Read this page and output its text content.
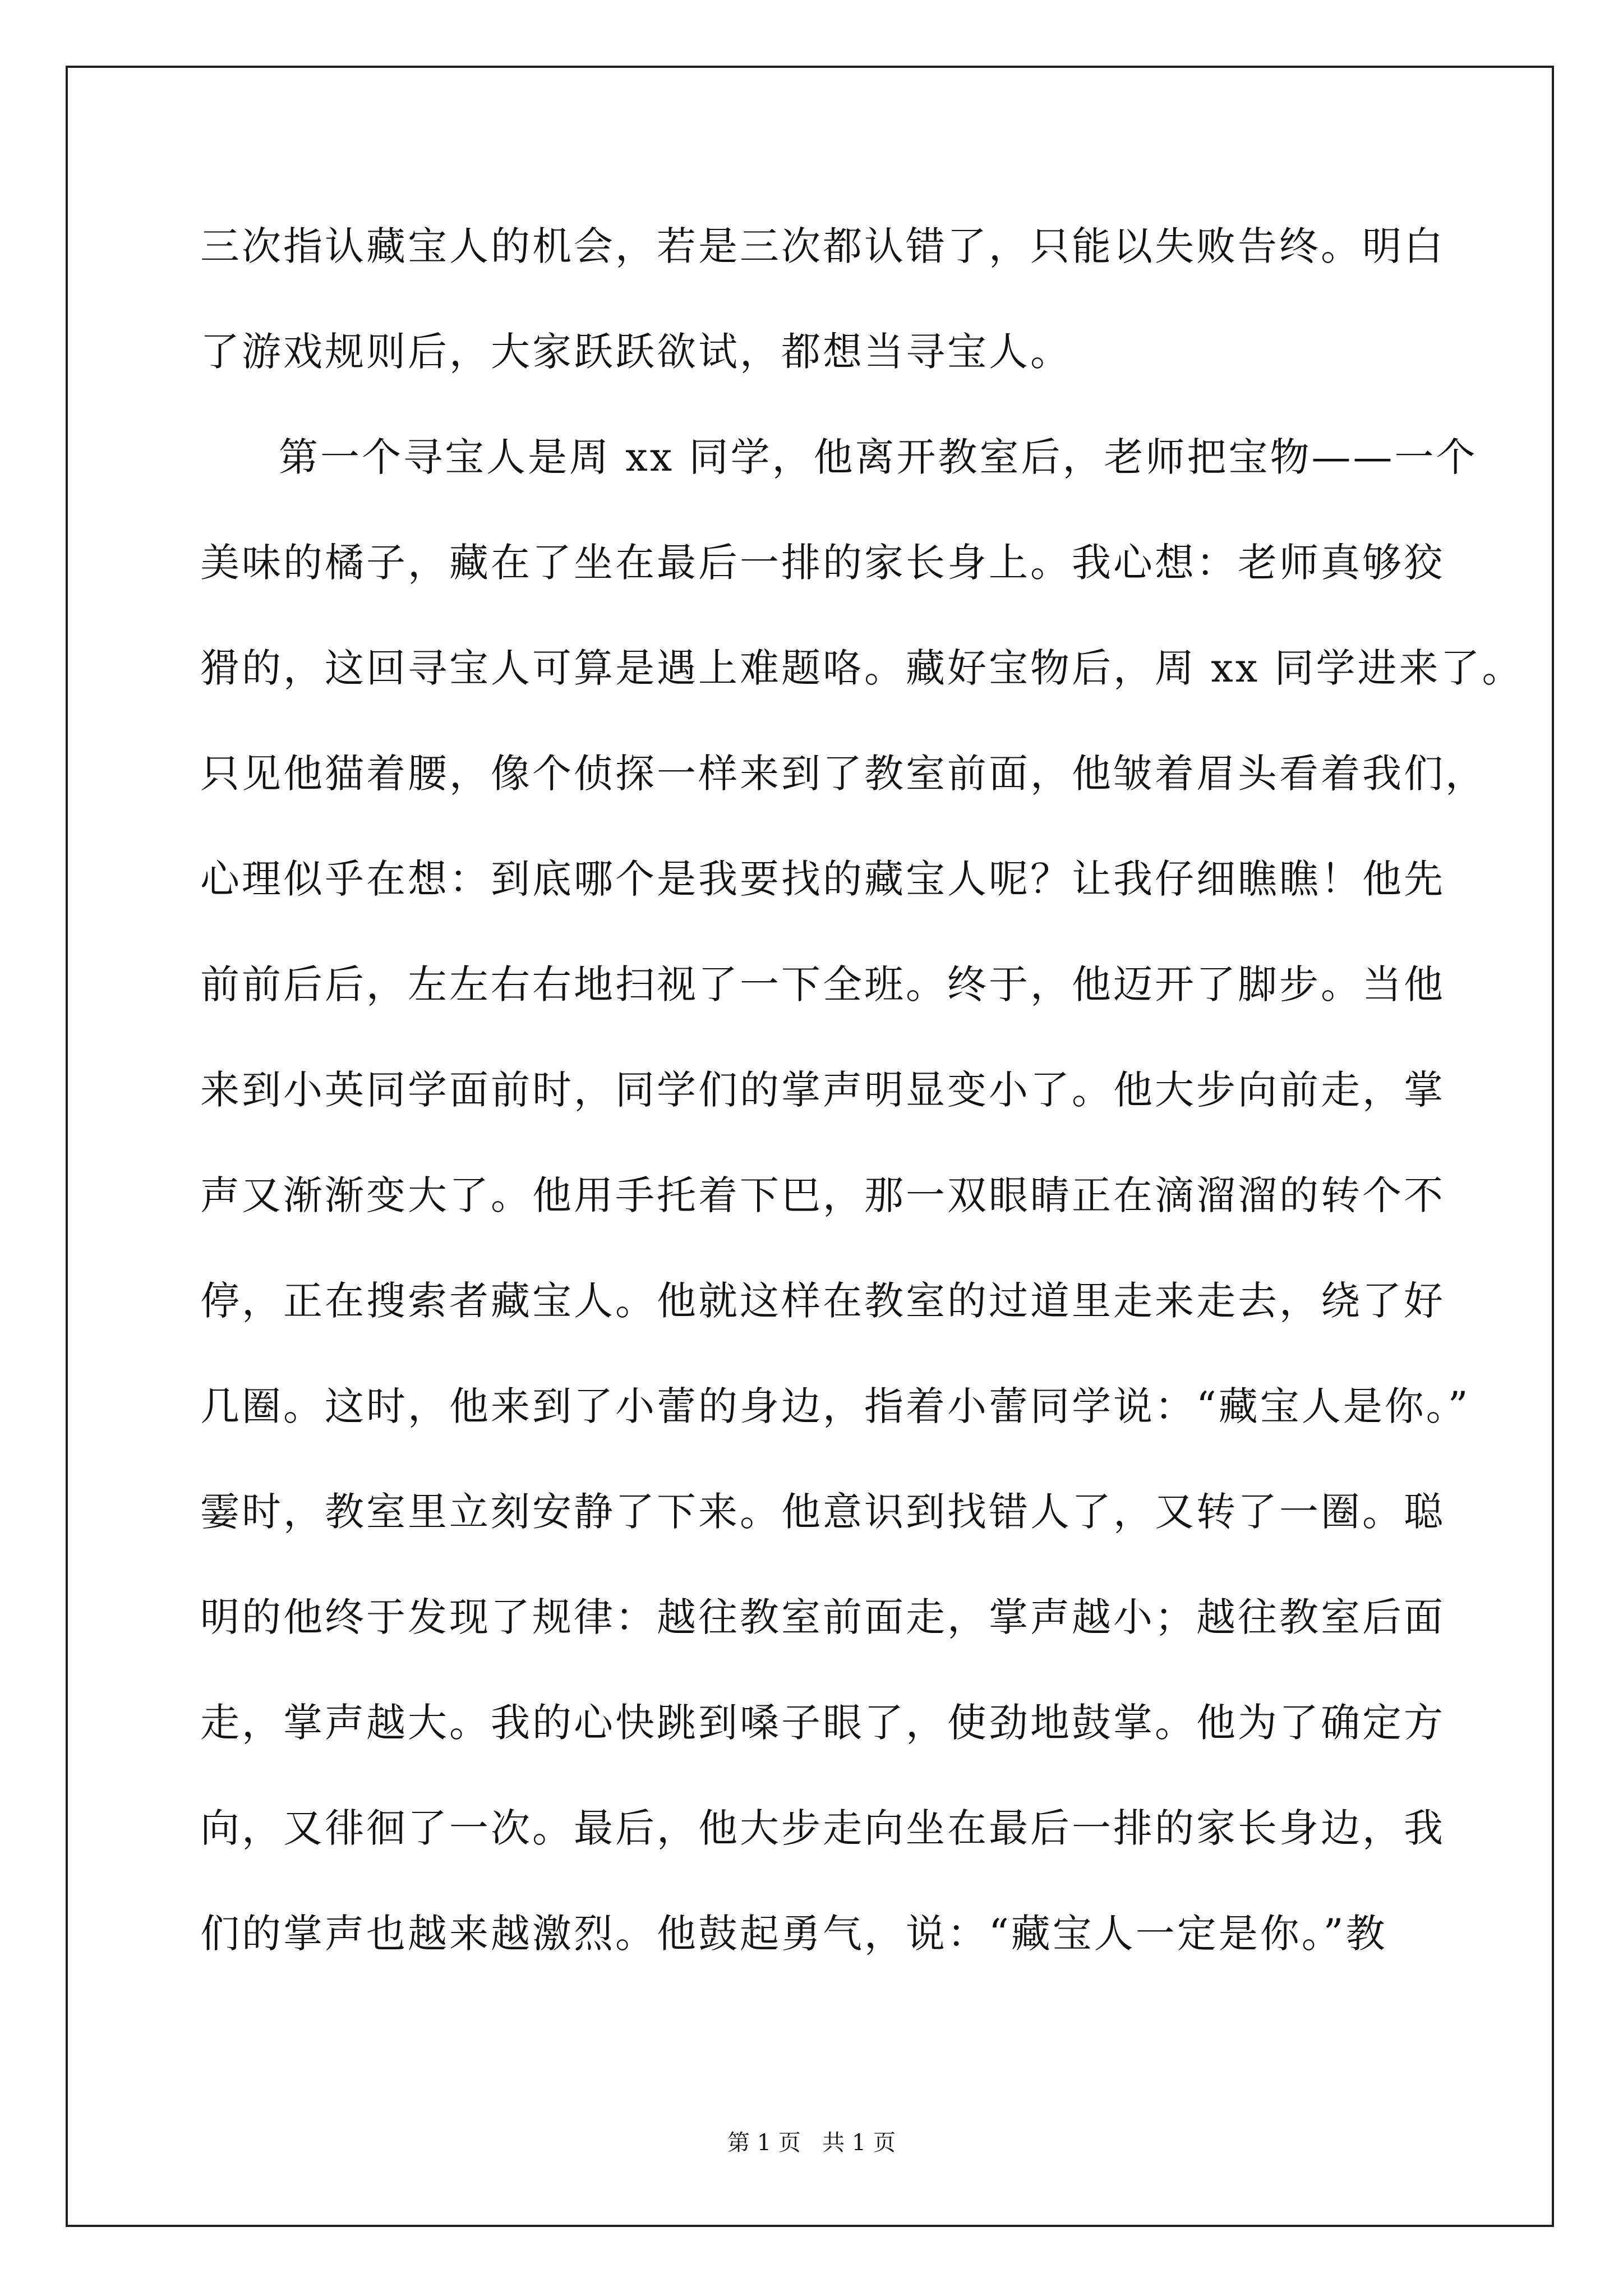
三次指认藏宝人的机会，若是三次都认错了，只能以失败告终。明白
了游戏规则后，大家跃跃欲试，都想当寻宝人。
第一个寻宝人是周 xx 同学，他离开教室后，老师把宝物——一个
美味的橘子，藏在了坐在最后一排的家长身上。我心想：老师真够狡
猾的，这回寻宝人可算是遇上难题咯。藏好宝物后，周 xx 同学进来了。
只见他猫着腰，像个侦探一样来到了教室前面，他皱着眉头看着我们，
心理似乎在想：到底哪个是我要找的藏宝人呢？让我仔细瞧瞧！他先
前前后后，左左右右地扫视了一下全班。终于，他迈开了脚步。当他
来到小英同学面前时，同学们的掌声明显变小了。他大步向前走，掌
声又渐渐变大了。他用手托着下巴，那一双眼睛正在滴溜溜的转个不
停，正在搜索者藏宝人。他就这样在教室的过道里走来走去，绕了好
几圈。这时，他来到了小蕾的身边，指着小蕾同学说：“藏宝人是你。”
霎时，教室里立刻安静了下来。他意识到找错人了，又转了一圈。聪
明的他终于发现了规律：越往教室前面走，掌声越小；越往教室后面
走，掌声越大。我的心快跳到嗓子眼了，使劲地鼓掌。他为了确定方
向，又徘徊了一次。最后，他大步走向坐在最后一排的家长身边，我
们的掌声也越来越激烈。他鼓起勇气，说：“藏宝人一定是你。”教
第 1 页 共 1 页
